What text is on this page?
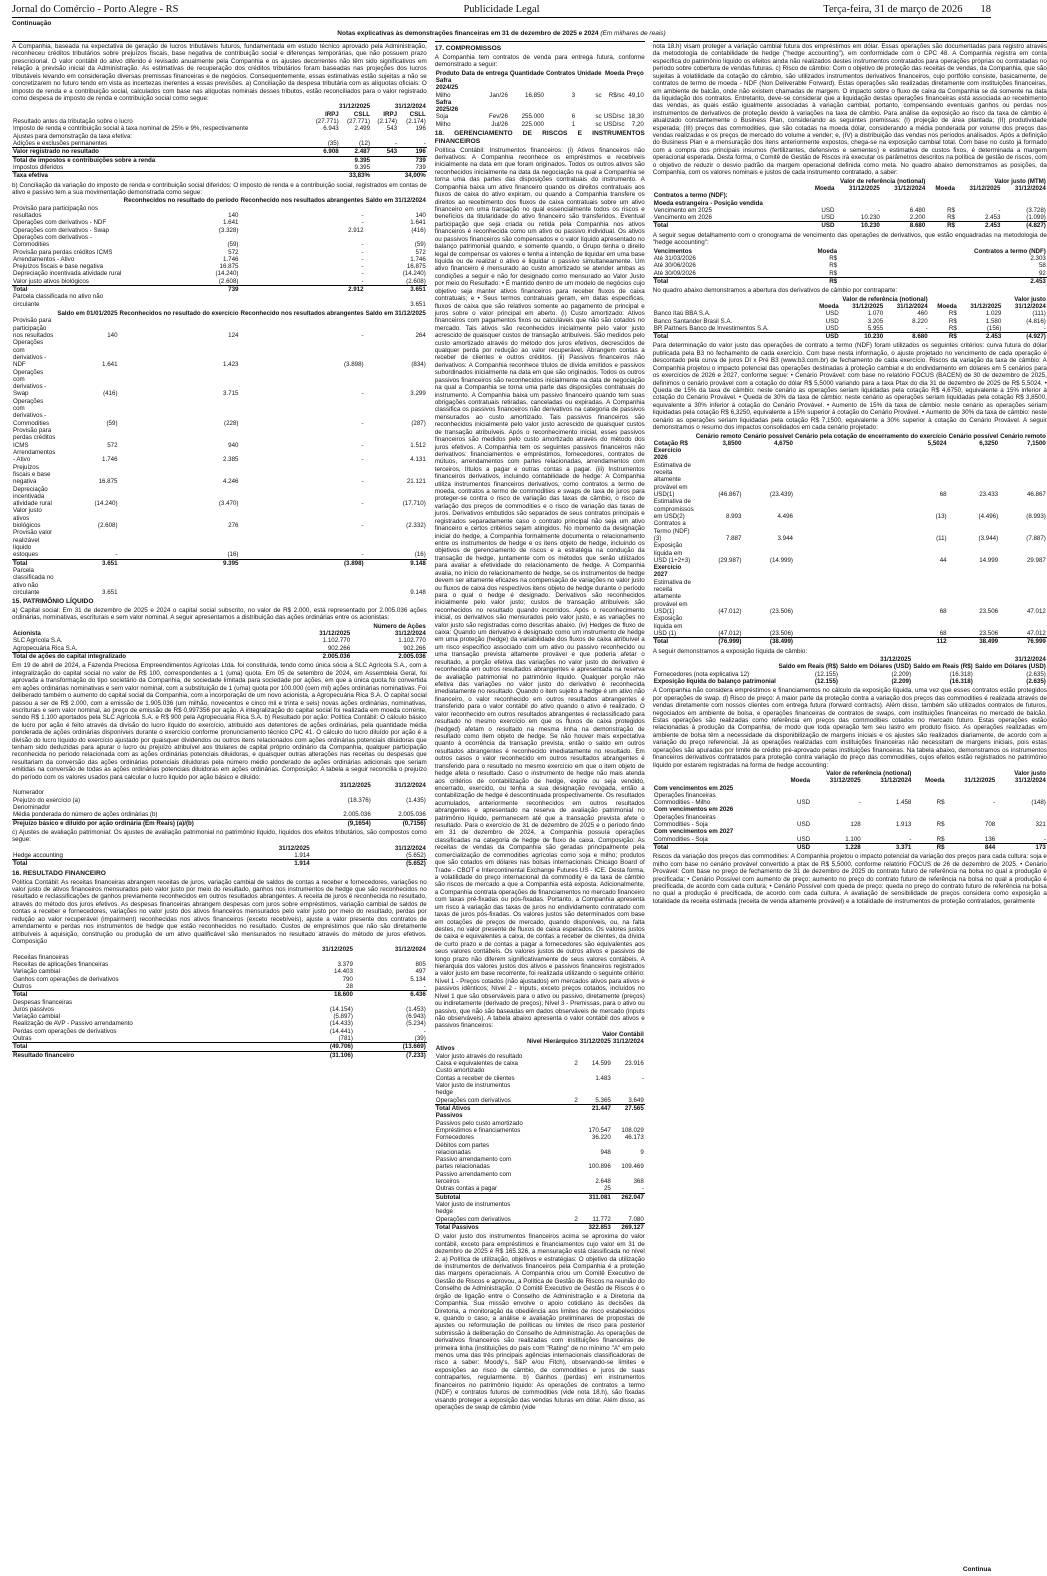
Jornal do Comércio - Porto Alegre - RS	Publicidade Legal	Terça-feira, 31 de março de 2026 18
Continuação
Notas explicativas às demonstrações financeiras em 31 de dezembro de 2025 e 2024 (Em milhares de reais)

A Companhia, baseada na expectativa de geração de lucros tributáveis futuros, fundamentada em estudo técnico aprovado pela Administração, reconheceu créditos tributários sobre prejuízos fiscais, base negativa de contribuição social e diferenças temporárias, que não possuem prazo prescricional. O valor contábil do ativo diferido é revisado anualmente pela Companhia e os ajustes decorrentes não têm sido significativos em relação à previsão inicial da Administração. As estimativas de recuperação dos créditos tributários foram baseadas nas projeções dos lucros tributáveis levando em consideração diversas premissas financeiras e de negócios. Consequentemente, essas estimativas estão sujeitas a não se concretizarem no futuro tendo em vista as incertezas inerentes a essas previsões. a) Conciliação da despesa tributária com as alíquotas oficiais: O imposto de renda e a contribuição social, calculados com base nas alíquotas nominais desses tributos, estão reconciliados para o valor registrado como despesa de imposto de renda e contribuição social como segue:

	31/12/2025		31/12/2024	
	IRPJ	CSLL	IRPJ	CSLL
Resultado antes da tributação sobre o lucro	(27.771)	(27.771)	(2.174)	(2.174)
Imposto de renda e contribuição social à taxa nominal de 25% e 9%, respectivamente	6.943	2.499	543	196
Ajustes para demonstração da taxa efetiva:				
Adições e exclusões permanentes	(35)	(12)	-	-
Valor registrado no resultado	6.908	2.487	543	196
Total de impostos e contribuições sobre a renda		9.395		739
Impostos diferidos		9.395		739
Taxa efetiva		33,83%		34,00%

b) Conciliação da variação do imposto de renda e contribuição social diferidos: O imposto de renda e a contribuição social, registrados em contas de ativo e passivo tem a sua movimentação demonstrada como segue:

	Reconhecidos no resultado do período	Reconhecido nos resultados abrangentes	Saldo em 31/12/2024
Provisão para participação nos resultados	140	-	140
Operações com derivativos - NDF	1.641	-	1.641
Operações com derivativos - Swap	(3.328)	2.912	(416)
Operações com derivativos - Commodities	(59)	-	(59)
Provisão para perdas créditos ICMS	572	-	572
Arrendamentos - Ativo	1.746	-	1.746
Prejuízos fiscais e base negativa	16.875	-	16.875
Depreciação incentivada atividade rural	(14.240)	-	(14.240)
Valor justo ativos biológicos	(2.608)	-	(2.608)
Total	739	2.912	3.651
Parcela classificada no ativo não circulante			3.651
	Saldo em 01/01/2025	Reconhecidos no resultado do exercício	Reconhecido nos resultados abrangentes	Saldo em 31/12/2025
Provisão para participação nos resultados	140	124	-	264
Operações com derivativos - NDF	1.641	1.423	(3.898)	(834)
Operações com derivativos - Swap	(416)	3.715	-	3.299
Operações com derivativos - Commodities	(59)	(228)	-	(287)
Provisão para perdas créditos ICMS	572	940	-	1.512
Arrendamentos - Ativo	1.746	2.385	-	4.131
Prejuízos fiscais e base negativa	16.875	4.246	-	21.121
Depreciação incentivada atividade rural	(14.240)	(3.470)	-	(17.710)
Valor justo ativos biológicos	(2.608)	276	-	(2.332)
Provisão valor realizável líquido estoques	-	(16)	-	(16)
Total	3.651	9.395	(3.898)	9.148
Parcela classificada no ativo não circulante	3.651			9.148
15. PATRIMÔNIO LÍQUIDO

a) Capital social: Em 31 de dezembro de 2025 e 2024 o capital social subscrito, no valor de R$ 2.000, está representado por 2.005.036 ações ordinárias, nominativas, escriturais e sem valor nominal. A seguir apresentamos a distribuição das ações ordinárias entre os acionistas:

	Número de Ações	
Acionista	31/12/2025	31/12/2024
SLC Agrícola S.A.	1.102.770	1.102.770
Agropecuária Rica S.A.	902.266	902.266
Total de ações do capital integralizado	2.005.036	2.005.036

Em 19 de abril de 2024, a Fazenda Preciosa Empreendimentos Agrícolas Ltda. foi constituída, tendo como única sócia a SLC Agrícola S.A., com a integralização do capital social no valor de R$ 100, correspondentes a 1 (uma) quota. Em 05 de setembro de 2024, em Assembleia Geral, foi aprovada a transformação do tipo societário da Companhia, de sociedade limitada para sociedade por ações, em que a única quota foi convertida em ações ordinárias nominativas e sem valor nominal, com a substituição de 1 (uma) quota por 100.000 (cem mil) ações ordinárias nominativas. Foi deliberado também o aumento do capital social da Companhia, com a incorporação de um novo acionista, a Agropecuária Rica S.A. O capital social passou a ser de R$ 2.000, com a emissão de 1.905.036 (um milhão, novecentos e cinco mil e trinta e seis) novas ações ordinárias, nominativas, escriturais e sem valor nominal, ao preço de emissão de R$ 0,997356 por ação. A integralização do capital social foi realizada em moeda corrente, sendo R$ 1.100 aportados pela SLC Agrícola S.A. e R$ 900 pela Agropecuária Rica S.A. b) Resultado por ação: Política Contábil: O cálculo básico de lucro por ação é feito através da divisão do lucro líquido do exercício, atribuído aos detentores de ações ordinárias, pela quantidade média ponderada de ações ordinárias disponíveis durante o exercício conforme pronunciamento técnico CPC 41. O cálculo do lucro diluído por ação é a divisão do lucro líquido do exercício ajustado por quaisquer dividendos ou outros itens relacionados com ações ordinárias potenciais diluidoras que tenham sido deduzidas para apurar o lucro ou prejuízo atribuível aos titulares de capital próprio ordinário da Companhia, qualquer participação reconhecida no período relacionada com as ações ordinárias potenciais diluidoras, e quaisquer outras alterações nas receitas ou despesas que resultariam da conversão das ações ordinárias potenciais diluidoras pela número médio ponderado de ações ordinárias adicionais que seriam emitidas na conversão de todas as ações ordinárias potenciais diluidoras em ações ordinárias. Composição: A tabela a seguir reconcilia o prejuízo do período com os valores usados para calcular o lucro líquido por ação básico e diluído:

	31/12/2025	31/12/2024
Numerador		
Prejuízo do exercício (a)	(18.376)	(1.435)
Denominador		
Média ponderada do número de ações ordinárias (b)	2.005.036	2.005.036
Prejuízo básico e diluído por ação ordinária (Em Reais) (a)/(b)	(9,1654)	(0,7156)

c) Ajustes de avaliação patrimonial: Os ajustes de avaliação patrimonial no patrimônio líquido, líquidos dos efeitos tributários, são compostos como segue:

	31/12/2025	31/12/2024
Hedge accounting	1.914	(5.652)
Total	1.914	(5.652)
16. RESULTADO FINANCEIRO

Política Contábil: As receitas financeiras abrangem receitas de juros, variação cambial de saldos de contas a receber e fornecedores, variações no valor justo de ativos financeiros mensurados pelo valor justo por meio do resultado, ganhos nos instrumentos de hedge que são reconhecidos no resultado e reclassificações de ganhos previamente reconhecidos em outros resultados abrangentes. A receita de juros é reconhecida no resultado, através do método dos juros efetivos. As despesas financeiras abrangem despesas com juros sobre empréstimos, variação cambial de saldos de contas a receber e fornecedores, variações no valor justo dos ativos financeiros mensurados pelo valor justo por meio do resultado, perdas por redução ao valor recuperável (impairment) reconhecidas nos ativos financeiros (exceto recebíveis), ajuste a valor presente dos contratos de arrendamento e perdas nos instrumentos de hedge que estão reconhecidos no resultado. Custos de empréstimos que não são diretamente atribuíveis à aquisição, construção ou produção de um ativo qualificável são mensurados no resultado através do método de juros efetivos. Composição

	31/12/2025	31/12/2024
Receitas financeiras		
Receitas de aplicações financeiras	3.379	805
Variação cambial	14.403	497
Ganhos com operações de derivativos	790	5.134
Outros	28	-
Total	18.600	6.436
Despesas financeiras		
Juros passivos	(14.154)	(1.453)
Variação cambial	(5.897)	(6.943)
Realização de AVP - Passivo arrendamento	(14.433)	(5.234)
Perdas com operações de derivativos	(14.441)	-
Outras	(781)	(39)
Total	(49.706)	(13.669)
Resultado financeiro	(31.106)	(7.233)
17. COMPROMISSOS

A Companhia tem contratos de venda para entrega futura, conforme demonstrado a seguir:

Produto	Data de entrega	Quantidade	Contratos	Unidade	Moeda	Preço
Safra 2024/25						
Milho	Jan/26	16.850	3	sc	R$/sc	49,10
Safra 2025/26						
Soja	Fev/26	255.000	6	sc	USD/sc	18,30
Milho	Jul/26	225.000	1	sc	USD/sc	7,20
18. GERENCIAMENTO DE RISCOS E INSTRUMENTOS FINANCEIROS

Política Contábil: Instrumentos financeiros: (i) Ativos financeiros não derivativos: A Companhia reconhece os empréstimos e recebíveis inicialmente na data em que foram originados. Todos os outros ativos são reconhecidos inicialmente na data da negociação na qual a Companhia se torna uma das partes das disposições contratuais do instrumento. A Companhia baixa um ativo financeiro quando os direitos contratuais aos fluxos de caixa do ativo expiram, ou quando a Companhia transfere os direitos ao recebimento dos fluxos de caixa contratuais sobre um ativo financeiro em uma transação no qual essencialmente todos os riscos e benefícios da titularidade do ativo financeiro são transferidos. Eventual participação que seja criada ou retida pela Companhia nos ativos financeiros é reconhecida como um ativo ou passivo individual. Os ativos ou passivos financeiros são compensados e o valor líquido apresentado no balanço patrimonial quando, e somente quando, o Grupo tenha o direito legal de compensar os valores e tenha a intenção de liquidar em uma base líquida ou de realizar o ativo e liquidar o passivo simultaneamente. Um ativo financeiro é mensurado ao custo amortizado se atender ambas as condições a seguir e não for designado como mensurado ao Valor Justo por meio do Resultado: • É mantido dentro de um modelo de negócios cujo objetivo seja manter ativos financeiros para receber fluxos de caixa contratuais; e • Seus termos contratuais geram, em datas específicas, fluxos de caixa que são relativos somente ao pagamento de principal e juros sobre o valor principal em aberto. (i) Custo amortizado: Ativos financeiros com pagamentos fixos ou calculáveis que não são cotados no mercado. Tais ativos são reconhecidos inicialmente pelo valor justo acrescido de quaisquer custos de transação atribuíveis. São medidos pelo custo amortizado através do método dos juros efetivos, decrescidos de qualquer perda por redução ao valor recuperável. Abrangem contas a receber de clientes e outros créditos. (ii) Passivos financeiros não derivativos: A Companhia reconhece títulos de dívida emitidos e passivos subordinados inicialmente na data em que são originados. Todos os outros passivos financeiros são reconhecidos inicialmente na data de negociação na qual a Companhia se torna uma parte das disposições contratuais do instrumento. A Companhia baixa um passivo financeiro quando tem suas obrigações contratuais retiradas, canceladas ou expiradas. A Companhia classifica os passivos financeiros não derivativos na categoria de passivos mensurados ao custo amortizado. Tais passivos financeiros são reconhecidos inicialmente pelo valor justo acrescido de quaisquer custos de transação atribuíveis. Após o reconhecimento inicial, esses passivos financeiros são medidos pelo custo amortizado através do método dos juros efetivos. A Companhia tem os seguintes passivos financeiros não derivativos: financiamentos e empréstimos, fornecedores, contratos de mútuos, arrendamentos com partes relacionadas, arrendamentos com terceiros, títulos a pagar e outras contas a pagar. (iii) Instrumentos financeiros derivativos, incluindo contabilidade de hedge: A Companhia utiliza instrumentos financeiros derivativos, como contratos a termo de moeda, contratos a termo de commodities e swaps de taxa de juros para proteger-se contra o risco de variação das taxas de câmbio, o risco de variação dos preços de commodities e o risco de variação das taxas de juros. Derivativos embutidos são separados de seus contratos principais e registrados separadamente caso o contrato principal não seja um ativo financeiro e certos critérios sejam atingidos. No momento da designação inicial do hedge, a Companhia formalmente documenta o relacionamento entre os instrumentos de hedge e os itens objeto de hedge, incluindo os objetivos de gerenciamento de riscos e a estratégia na condução da transação de hedge, juntamente com os métodos que serão utilizados para avaliar a efetividade do relacionamento de hedge. A Companhia avalia, no início do relacionamento de hedge, se os instrumentos de hedge devem ser altamente eficazes na compensação de variações no valor justo ou fluxos de caixa dos respectivos itens objeto de hedge durante o período para o qual o hedge é designado. Derivativos são reconhecidos inicialmente pelo valor justo; custos de transação atribuíveis são reconhecidos no resultado quando incorridos. Após o reconhecimento inicial, os derivativos são mensurados pelo valor justo, e as variações no valor justo são registradas como descritas abaixo. (iv) Hedges de fluxo de caixa: Quando um derivativo é designado como um instrumento de hedge em uma proteção (hedge) da variabilidade dos fluxos de caixa atribuível a um risco específico associado com um ativo ou passivo reconhecido ou uma transação prevista altamente provável e que poderia afetar o resultado, a porção efetiva das variações no valor justo do derivativo é reconhecida em outros resultados abrangentes e apresentada na reserva de avaliação patrimonial no patrimônio líquido. Qualquer porção não efetiva das variações no valor justo do derivativo é reconhecida imediatamente no resultado. Quando o item sujeito a hedge é um ativo não financeiro, o valor reconhecido em outros resultados abrangentes é transferido para o valor contábil do ativo quando o ativo é realizado. O valor reconhecido em outros resultados abrangentes é reclassificado para resultado no mesmo exercício em que os fluxos de caixa protegidos (hedged) afetam o resultado na mesma linha na demonstração de resultado como item objeto de hedge. Se não houver mais expectativa quanto à ocorrência da transação prevista, então o saldo em outros resultados abrangentes é reconhecido imediatamente no resultado. Em outros casos o valor reconhecido em outros resultados abrangentes é transferido para o resultado no mesmo exercício em que o item objeto de hedge afeta o resultado. Caso o instrumento de hedge não mais atenda aos critérios de contabilização de hedge, expire ou seja vendido, encerrado, exercido, ou tenha a sua designação revogada, então a contabilização de hedge é descontinuada prospectivamente. Os resultados acumulados, anteriormente reconhecidos em outros resultados abrangentes e apresentado na reserva de avaliação patrimonial no patrimônio líquido, permanecem até que a transação prevista afete o resultado. Para o exercício de 31 de dezembro de 2025 e o período findo em 31 de dezembro de 2024, a Companhia possuía operações classificadas na categoria de hedge de fluxo de caixa. Composição: As receitas de vendas da Companhia são geradas principalmente pela comercialização de commodities agrícolas como soja e milho; produtos que são cotados em dólares nas bolsas internacionais Chicago Board of Trade - CBOT e Intercontinental Exchange Futures US - ICE. Desta forma, a volatilidade do preço internacional da commodity e da taxa de câmbio são riscos de mercado a que a Companhia está exposta. Adicionalmente, a Companhia contrata operações de financiamentos no mercado financeiro com taxas pré-fixadas ou pós-fixadas. Portanto, a Companhia apresenta um risco à variação das taxas de juros no endividamento contratado com taxas de juros pós-fixadas. Os valores justos são determinados com base em cotações de preços de mercado, quando disponíveis, ou, na falta destes, no valor presente de fluxos de caixa esperados. Os valores justos de caixa e equivalentes a caixa, de contas a receber de clientes, da dívida de curto prazo e de contas a pagar a fornecedores são equivalentes aos seus valores contábeis. Os valores justos de outros ativos e passivos de longo prazo não diferem significativamente de seus valores contábeis. A hierarquia dos valores justos dos ativos e passivos financeiros registrados a valor justo em base recorrente, foi realizada utilizando o seguinte critério: Nível 1 - Preços cotados (não ajustados) em mercados ativos para ativos e passivos idênticos; Nível 2 - Inputs, exceto preços cotados, incluídos no Nível 1 que são observáveis para o ativo ou passivo, diretamente (preços) ou indiretamente (derivado de preços); Nível 3 - Premissas, para o ativo ou passivo, que não são baseadas em dados observáveis de mercado (inputs não observáveis). A tabela abaixo apresenta o valor contábil dos ativos e passivos financeiros:

		Valor Contábil	
	Nível Hierárquico	31/12/2025	31/12/2024
Ativos			
Valor justo através do resultado			
Caixa e equivalentes de caixa	2	14.599	23.916
Custo amortizado			
Contas a receber de clientes		1.483	-
Valor justo de instrumentos hedge			
Operações com derivativos	2	5.365	3.649
Total Ativos		21.447	27.565
Passivos			
Passivos pelo custo amortizado			
Empréstimos e financiamentos		170.547	108.029
Fornecedores		36.220	46.173
Débitos com partes relacionadas		948	9
Passivo arrendamento com partes relacionadas		100.896	109.469
Passivo arrendamento com terceiros		2.648	368
Outras contas a pagar		25	-
Subtotal		311.081	262.047
Valor justo de instrumentos hedge			
Operações com derivativos	2	11.772	7.080
Total Passivos		322.853	269.127

O valor justo dos instrumentos financeiros acima se aproxima do valor contábil, exceto para empréstimos e financiamentos cujo valor em 31 de dezembro de 2025 é R$ 165.326, a mensuração está classificada no nível 2. a) Política de utilização, objetivos e estratégias: O objetivo da utilização de instrumentos de derivativos financeiros pela Companhia é a proteção das margens operacionais. A Companhia criou um Comitê Executivo de Gestão de Riscos e aprovou, a Política de Gestão de Riscos na reunião do Conselho de Administração. O Comitê Executivo de Gestão de Riscos é o órgão de ligação entre o Conselho de Administração e a Diretoria da Companhia. Sua missão envolve o apoio cotidiano às decisões da Diretoria, a monitoração da obediência aos limites de risco estabelecidos e, quando o caso, a análise e avaliação preliminares de propostas de ajustes ou reformulação de políticas ou limites de risco para posterior submissão à deliberação do Conselho de Administração. As operações de derivativos financeiros são realizadas com instituições financeiras de primeira linha (instituições do país com "Rating" de no mínimo "A" em pelo menos uma das três principais agências internacionais classificadoras de risco a saber: Moody's, S&P e/ou Fitch), observando-se limites e exposições ao risco de câmbio, de commodities e juros de suas contrapartes, regularmente. b) Ganhos (perdas) em instrumentos financeiros no patrimônio líquido: As operações de contratos a termo (NDF) e contratos futuros de commodities (vide nota 18.h), são fixadas visando proteger a exposição das vendas futuras em dólar. Além disso, as operações de swap de câmbio (vide

nota 18.h) visam proteger a variação cambial futura dos empréstimos em dólar. Essas operações são documentadas para registro através da metodologia de contabilidade de hedge ("hedge accounting"), em conformidade com o CPC 48. A Companhia registra em conta específica do patrimônio líquido os efeitos ainda não realizados destes instrumentos contratados para operações próprias ou contratadas no período sobre cobertura de vendas futuras. c) Risco de câmbio: Com o objetivo de proteção das receitas de vendas, da Companhia, que são sujeitas à volatilidade da cotação do câmbio, são utilizados instrumentos derivativos financeiros, cujo portfólio consiste, basicamente, de contratos de termo de moeda - NDF (Non Deliverable Forward). Estas operações são realizadas diretamente com instituições financeiras, em ambiente de balcão, onde não existem chamadas de margem. O impacto sobre o fluxo de caixa da Companhia se dá somente na data da liquidação dos contratos. Entretanto, deve-se considerar que a liquidação destas operações financeiras está associada ao recebimento das vendas, as quais estão igualmente associadas à variação cambial, portanto, compensando eventuais ganhos ou perdas nos instrumentos de derivativos de proteção devido à variações na taxa de câmbio. Para análise da exposição ao risco da taxa de câmbio é atualizado constantemente o Business Plan, considerando as seguintes premissas: (I) projeção de área plantada; (II) produtividade esperada; (III) preços das commodities, que são cotadas na moeda dólar, considerando a média ponderada por volume dos preços das vendas realizadas e os preços de mercado do volume a vender; e, (IV) a distribuição das vendas nos períodos analisados. Após a definição do Business Plan e a mensuração dos itens anteriormente expostos, chega-se na exposição cambial total. Com base no custo já formado com a compra dos principais insumos (fertilizantes, defensivos e sementes) e estimativa de custos fixos, é determinada a margem operacional esperada. Desta forma, o Comitê de Gestão de Riscos irá executar os parâmetros descritos na política de gestão de riscos, com o objetivo de reduzir o desvio padrão da margem operacional definida como meta. No quadro abaixo demonstramos as posições, da Companhia, com os valores nominais e justos de cada instrumento contratado, a saber:

	Valor de referência (notional)			Valor justo (MTM)		
	Moeda	31/12/2025	31/12/2024	Moeda	31/12/2025	31/12/2024
Contratos a termo (NDF):						
Moeda estrangeira - Posição vendida						
Vencimento em 2025	USD	-	6.480	R$	-	(3.728)
Vencimento em 2026	USD	10.230	2.200	R$	2.453	(1.099)
Total	USD	10.230	8.680	R$	2.453	(4.827)

A seguir segue detalhamento com o cronograma de vencimento das operações de derivativos, que estão enquadradas na metodologia de "hedge accounting":

Vencimentos	Moeda	Contratos a termo (NDF)
Até 31/03/2026	R$	2.303
Até 30/06/2026	R$	58
Até 30/09/2026	R$	92
Total	R$	2.453

No quadro abaixo demonstramos a abertura dos derivativos de câmbio por contraparte:

	Valor de referência (notional)			Valor justo		
	Moeda	31/12/2025	31/12/2024	Moeda	31/12/2025	31/12/2024
Banco Itaú BBA S.A.	USD	1.070	460	R$	1.029	(111)
Banco Santander Brasil S.A.	USD	3.205	8.220	R$	1.580	(4.816)
BR Partners Banco de Investimentos S.A.	USD	5.955	-	R$	(156)	-
Total	USD	10.230	8.680	R$	2.453	(4.927)

Para determinação do valor justo das operações de contrato a termo (NDF) foram utilizados os seguintes critérios: curva futura do dólar publicada pela B3 no fechamento de cada exercício. Com base nesta informação, o ajuste projetado no vencimento de cada operação é descontado pela curva de juros DI x Pré B3 (www.b3.com.br) de fechamento de cada exercício. Riscos da variação da taxa de câmbio: A Companhia projetou o impacto potencial das operações destinadas à proteção cambial e do endividamento em dólares em 5 cenários para os exercícios de 2026 e 2027, conforme segue: • Cenário Provável: com base no relatório FOCUS (BACEN) de 30 de dezembro de 2025, definimos o cenário provável com a cotação do dólar R$ 5,5000 variando para a taxa Ptax do dia 31 de dezembro de 2025 de R$ 5,5024. • Queda de 15% da taxa de câmbio: neste cenário as operações seriam liquidadas pela cotação R$ 4,6750, equivalente a 15% inferior à cotação do Cenário Provável. • Queda de 30% da taxa de câmbio: neste cenário as operações seriam liquidadas pela cotação R$ 3,8500, equivalente a 30% inferior à cotação do Cenário Provável. • Aumento de 15% da taxa de câmbio: neste cenário as operações seriam liquidadas pela cotação R$ 6,3250, equivalente a 15% superior à cotação do Cenário Provável. • Aumento de 30% da taxa de câmbio: neste cenário as operações seriam liquidadas pela cotação R$ 7,1500, equivalente a 30% superior à cotação do Cenário Provável. A seguir demonstramos o resumo dos impactos consolidados em cada cenário projetado:

	Cenário remoto	Cenário possível	Cenário pela cotação de encerramento do exercício	Cenário possível	Cenário remoto
Cotação R$	3,8500	4,6750	5,5024	6,3250	7,1500
Exercício 2026					
Estimativa de receita altamente provável em USD(1)	(46.867)	(23.439)	68	23.433	46.867
Estimativa de compromissos em USD(2)	8.993	4.496	(13)	(4.496)	(8.993)
Contratos a Termo (NDF)(3)	7.887	3.944	(11)	(3.944)	(7.887)
Exposição líquida em USD (1+2+3)	(29.987)	(14.999)	44	14.999	29.987
Exercício 2027					
Estimativa de receita altamente provável em USD(1)	(47.012)	(23.506)	68	23.506	47.012
Exposição líquida em USD (1)	(47.012)	(23.506)	68	23.506	47.012
Total	(76.999)	(38.499)	112	38.499	76.999

A seguir demonstramos a exposição líquida de câmbio:

	31/12/2025		31/12/2024	
	Saldo em Reais (R$)	Saldo em Dólares (USD)	Saldo em Reais (R$)	Saldo em Dólares (USD)
Fornecedores (nota explicativa 12)	(12.155)	(2.209)	(16.318)	(2.635)
Exposição líquida do balanço patrimonial	(12.155)	(2.209)	(16.318)	(2.635)

A Companhia não considera empréstimos e financiamentos no cálculo da exposição líquida, uma vez que esses contratos estão protegidos por operações de swap. d) Risco de preço: A maior parte da proteção contra a variação dos preços das commodities é realizada através de vendas diretamente com nossos clientes com entrega futura (forward contracts). Além disso, também são utilizados contratos de futuros, negociados em ambiente de bolsa, e operações financeiras de contratos de swaps, com instituições financeiras no mercado de balcão. Estas operações são realizadas como referência em preços das commodities cotados no mercado futuro. Estas operações estão relacionadas à produção da Companhia, de modo que toda operação tem seu lastro em produto físico. As operações realizadas em ambiente de bolsa têm a necessidade da disponibilização de margens iniciais e os ajustes são realizados diariamente, de acordo com a variação do preço referencial. Já as operações realizadas com instituições financeiras não necessitam de margens iniciais, pois estas operações são apuradas por limite de crédito pré-aprovado pelas instituições financeiras. Na tabela abaixo, demonstramos os instrumentos financeiros derivativos contratados para proteção contra variação do preço das commodities, cujos efeitos estão registrados no patrimônio líquido por estarem registradas na forma de hedge accounting:

	Valor de referência (notional)			Valor justo		
	Moeda	31/12/2025	31/12/2024	Moeda	31/12/2025	31/12/2024
Com vencimentos em 2025						
Operações financeiras						
Commodities - Milho	USD	-	1.458	R$	-	(148)
Com vencimentos em 2026						
Operações financeiras						
Commodities - Soja	USD	128	1.913	R$	708	321
Com vencimentos em 2027						
Commodities - Soja	USD	1.100	-	R$	136	-
Total	USD	1.228	3.371	R$	844	173

Riscos da variação dos preços das commodities: A Companhia projetou o impacto potencial da variação dos preços para cada cultura: soja e milho com base no cenário provável convertido a ptax de R$ 5,5000, conforme relatório FOCUS de 26 de dezembro de 2025. • Cenário Provável: Com base no preço de fechamento de 31 de dezembro de 2025 do contrato futuro de referência na bolsa no qual a produção é precificada; • Cenário Possível com aumento de preço: aumento no preço do contrato futuro de referência na bolsa no qual a produção é precificada, de acordo com cada cultura; • Cenário Possível com queda de preço: queda no preço do contrato futuro de referência na bolsa no qual a produção é precificada, de acordo com cada cultura. A avaliação de sensibilidade de preços considera como exposição a totalidade da receita estimada (receita de venda altamente provável) e a totalidade de instrumentos de proteção contratados, geralmente

Continua
